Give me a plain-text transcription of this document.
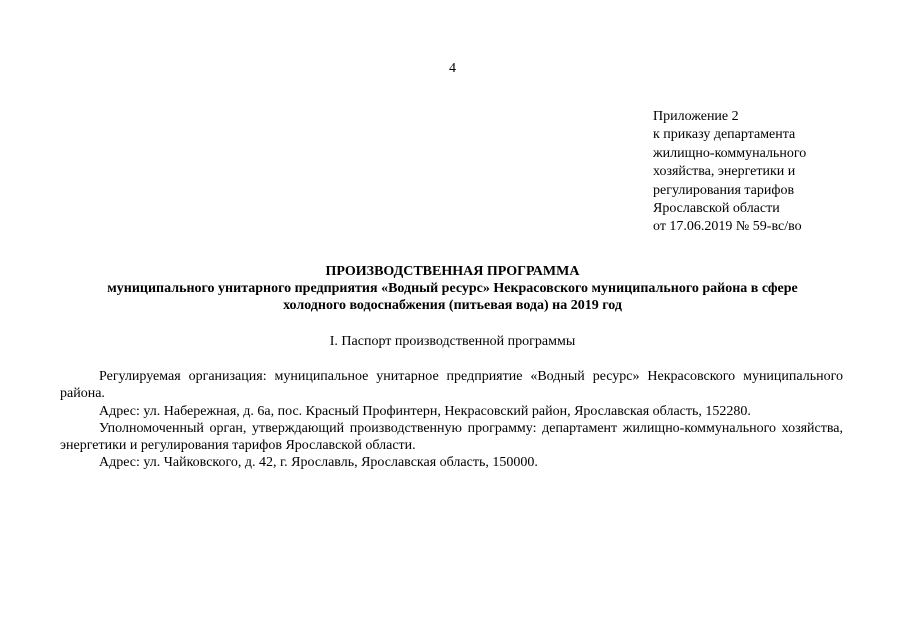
4
Приложение 2
к приказу департамента
жилищно-коммунального
хозяйства, энергетики и
регулирования тарифов
Ярославской области
от 17.06.2019 № 59-вс/во
ПРОИЗВОДСТВЕННАЯ ПРОГРАММА
муниципального унитарного предприятия «Водный ресурс» Некрасовского муниципального района в сфере
холодного водоснабжения (питьевая вода) на 2019 год
I. Паспорт производственной программы

Регулируемая организация: муниципальное унитарное предприятие «Водный ресурс» Некрасовского муниципального района.

Адрес: ул. Набережная, д. 6а, пос. Красный Профинтерн, Некрасовский район, Ярославская область, 152280.

Уполномоченный орган, утверждающий производственную программу: департамент жилищно-коммунального хозяйства, энергетики и регулирования тарифов Ярославской области.

Адрес: ул. Чайковского, д. 42, г. Ярославль, Ярославская область, 150000.
